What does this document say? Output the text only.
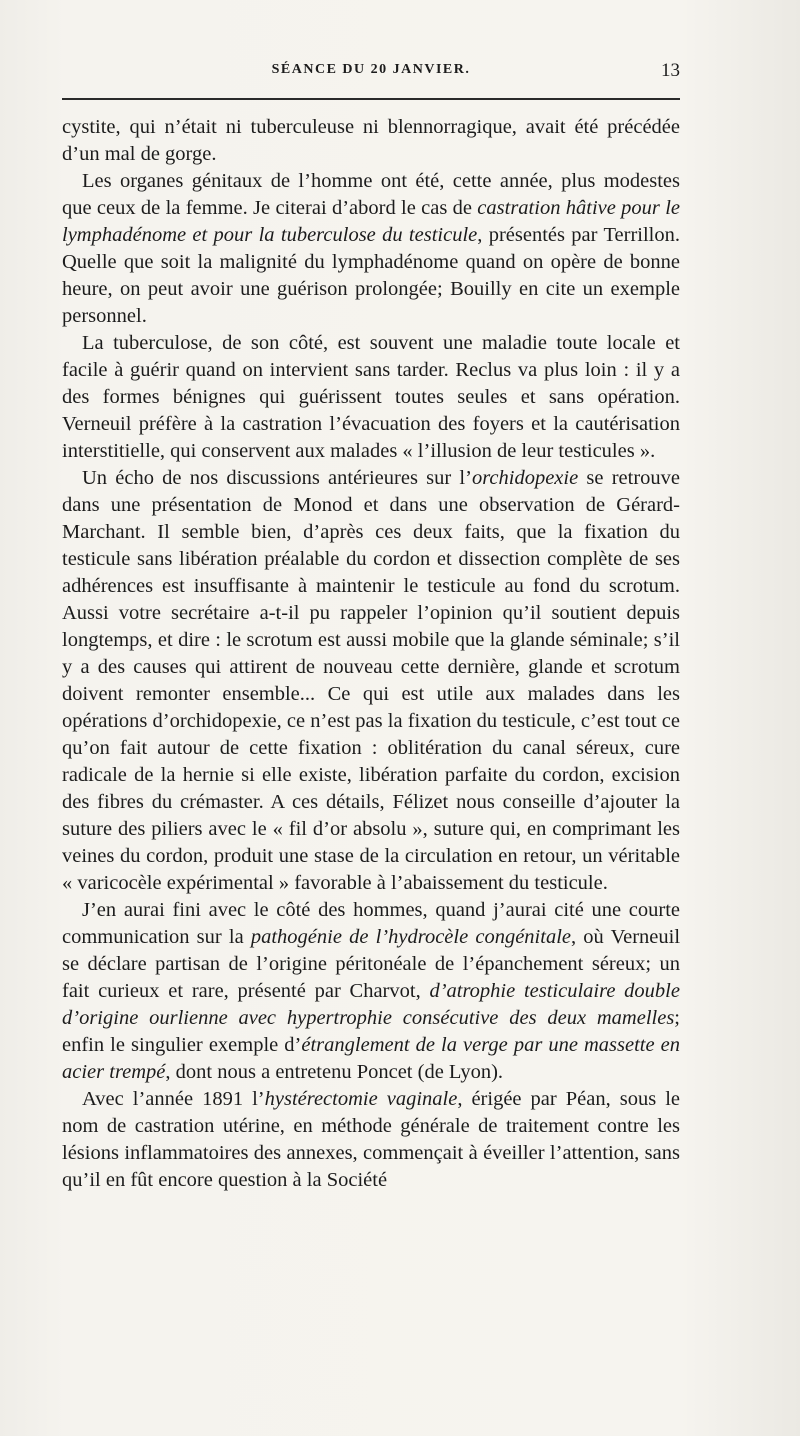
SÉANCE DU 20 JANVIER.	13

cystite, qui n’était ni tuberculeuse ni blennorragique, avait été précédée d’un mal de gorge.

Les organes génitaux de l’homme ont été, cette année, plus modestes que ceux de la femme. Je citerai d’abord le cas de castration hâtive pour le lymphadénome et pour la tuberculose du testicule, présentés par Terrillon. Quelle que soit la malignité du lymphadénome quand on opère de bonne heure, on peut avoir une guérison prolongée; Bouilly en cite un exemple personnel.

La tuberculose, de son côté, est souvent une maladie toute locale et facile à guérir quand on intervient sans tarder. Reclus va plus loin : il y a des formes bénignes qui guérissent toutes seules et sans opération. Verneuil préfère à la castration l’évacuation des foyers et la cautérisation interstitielle, qui conservent aux malades « l’illusion de leur testicules ».

Un écho de nos discussions antérieures sur l’orchidopexie se retrouve dans une présentation de Monod et dans une observation de Gérard-Marchant. Il semble bien, d’après ces deux faits, que la fixation du testicule sans libération préalable du cordon et dissection complète de ses adhérences est insuffisante à maintenir le testicule au fond du scrotum. Aussi votre secrétaire a-t-il pu rappeler l’opinion qu’il soutient depuis longtemps, et dire : le scrotum est aussi mobile que la glande séminale; s’il y a des causes qui attirent de nouveau cette dernière, glande et scrotum doivent remonter ensemble... Ce qui est utile aux malades dans les opérations d’orchidopexie, ce n’est pas la fixation du testicule, c’est tout ce qu’on fait autour de cette fixation : oblitération du canal séreux, cure radicale de la hernie si elle existe, libération parfaite du cordon, excision des fibres du crémaster. A ces détails, Félizet nous conseille d’ajouter la suture des piliers avec le « fil d’or absolu », suture qui, en comprimant les veines du cordon, produit une stase de la circulation en retour, un véritable « varicocèle expérimental » favorable à l’abaissement du testicule.

J’en aurai fini avec le côté des hommes, quand j’aurai cité une courte communication sur la pathogénie de l’hydrocèle congénitale, où Verneuil se déclare partisan de l’origine péritonéale de l’épanchement séreux; un fait curieux et rare, présenté par Charvot, d’atrophie testiculaire double d’origine ourlienne avec hypertrophie consécutive des deux mamelles; enfin le singulier exemple d’étranglement de la verge par une massette en acier trempé, dont nous a entretenu Poncet (de Lyon).

Avec l’année 1891 l’hystérectomie vaginale, érigée par Péan, sous le nom de castration utérine, en méthode générale de traitement contre les lésions inflammatoires des annexes, commençait à éveiller l’attention, sans qu’il en fût encore question à la Société
